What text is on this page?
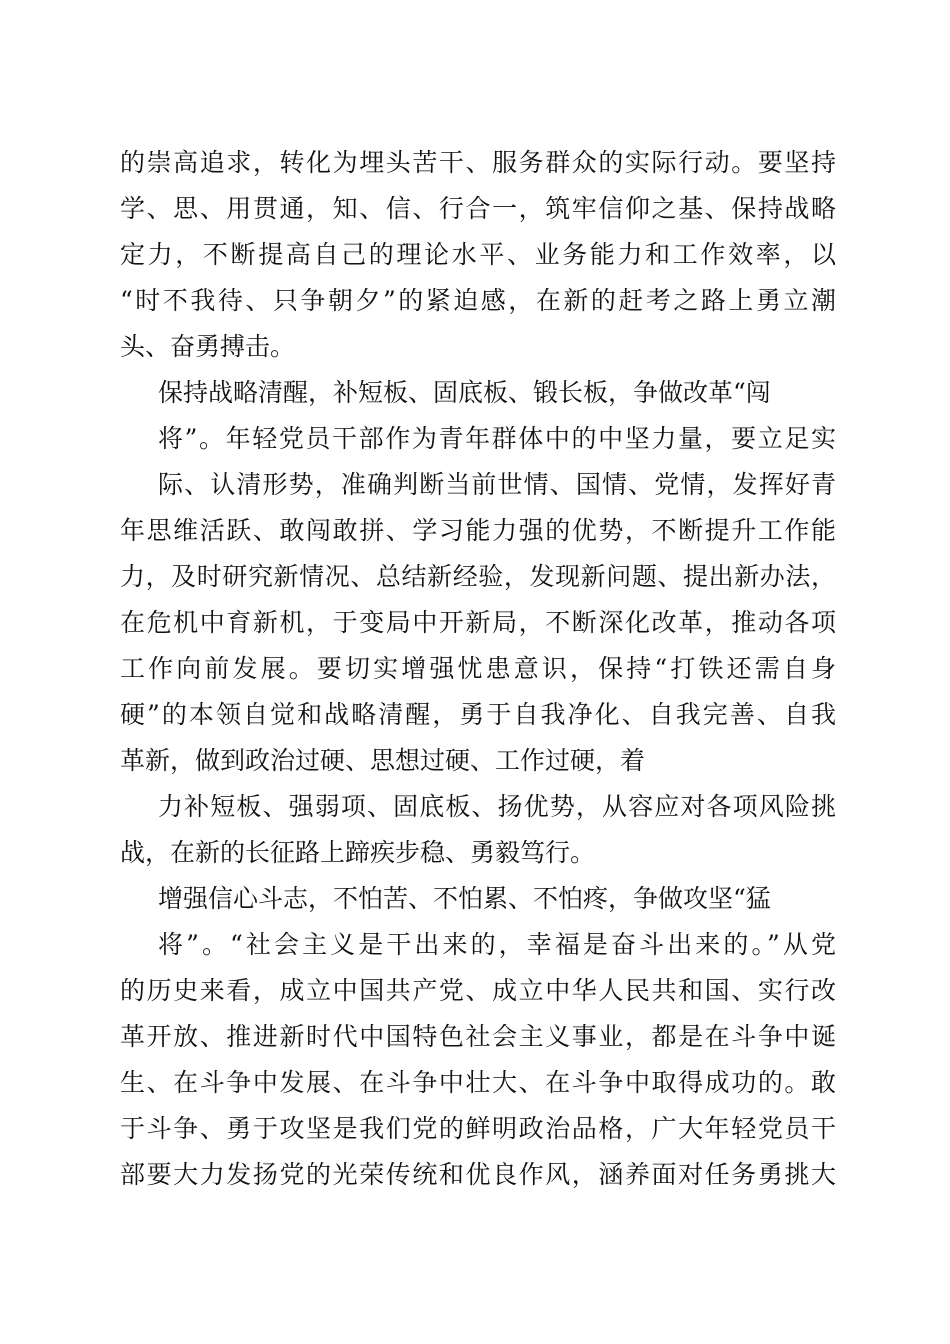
的崇高追求，转化为埋头苦干、服务群众的实际行动。要坚持
学、思、用贯通，知、信、行合一，筑牢信仰之基、保持战略
定力，不断提高自己的理论水平、业务能力和工作效率，以
“时不我待、只争朝夕”的紧迫感，在新的赶考之路上勇立潮
头、奋勇搏击。
保持战略清醒，补短板、固底板、锻长板，争做改革“闯
将”。年轻党员干部作为青年群体中的中坚力量，要立足实
际、认清形势，准确判断当前世情、国情、党情，发挥好青
年思维活跃、敢闯敢拼、学习能力强的优势，不断提升工作能
力，及时研究新情况、总结新经验，发现新问题、提出新办法，
在危机中育新机，于变局中开新局，不断深化改革，推动各项
工作向前发展。要切实增强忧患意识，保持“打铁还需自身
硬”的本领自觉和战略清醒，勇于自我净化、自我完善、自我
革新，做到政治过硬、思想过硬、工作过硬，着
力补短板、强弱项、固底板、扬优势，从容应对各项风险挑
战，在新的长征路上蹄疾步稳、勇毅笃行。
增强信心斗志，不怕苦、不怕累、不怕疼，争做攻坚“猛
将”。“社会主义是干出来的，幸福是奋斗出来的。”从党
的历史来看，成立中国共产党、成立中华人民共和国、实行改
革开放、推进新时代中国特色社会主义事业，都是在斗争中诞
生、在斗争中发展、在斗争中壮大、在斗争中取得成功的。敢
于斗争、勇于攻坚是我们党的鲜明政治品格，广大年轻党员干
部要大力发扬党的光荣传统和优良作风，涵养面对任务勇挑大
